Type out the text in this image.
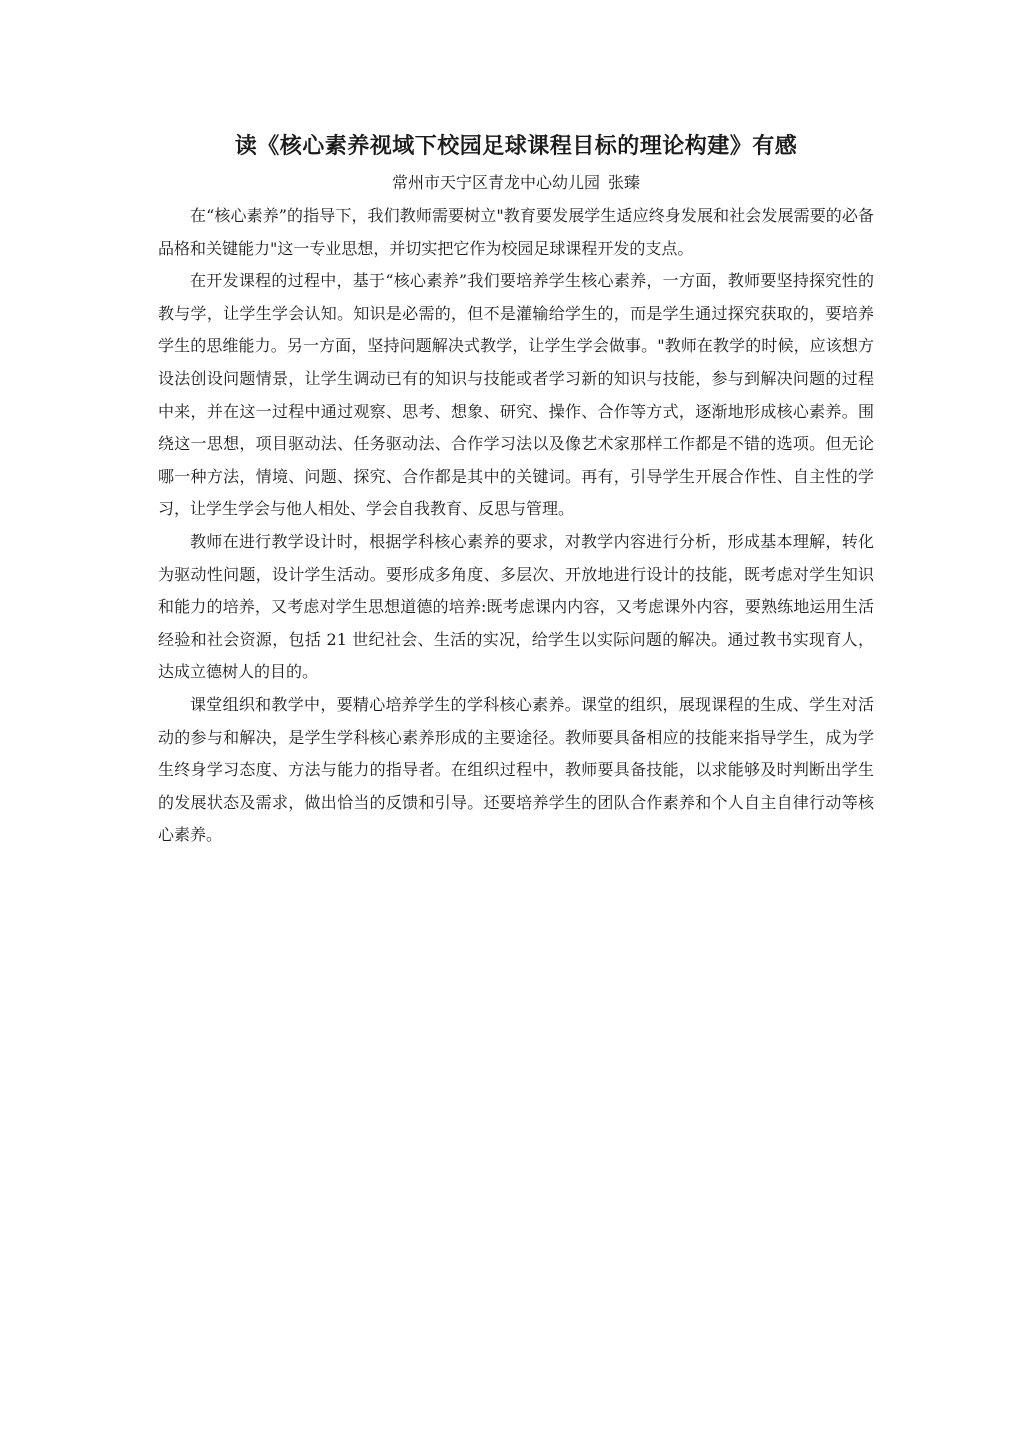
读《核心素养视域下校园足球课程目标的理论构建》有感
常州市天宁区青龙中心幼儿园 张臻

在“核心素养”的指导下，我们教师需要树立"教育要发展学生适应终身发展和社会发展需要的必备品格和关键能力"这一专业思想，并切实把它作为校园足球课程开发的支点。

在开发课程的过程中，基于“核心素养”我们要培养学生核心素养，一方面，教师要坚持探究性的教与学，让学生学会认知。知识是必需的，但不是灌输给学生的，而是学生通过探究获取的，要培养学生的思维能力。另一方面，坚持问题解决式教学，让学生学会做事。"教师在教学的时候，应该想方设法创设问题情景，让学生调动已有的知识与技能或者学习新的知识与技能，参与到解决问题的过程中来，并在这一过程中通过观察、思考、想象、研究、操作、合作等方式，逐渐地形成核心素养。围绕这一思想，项目驱动法、任务驱动法、合作学习法以及像艺术家那样工作都是不错的选项。但无论哪一种方法，情境、问题、探究、合作都是其中的关键词。再有，引导学生开展合作性、自主性的学习，让学生学会与他人相处、学会自我教育、反思与管理。

教师在进行教学设计时，根据学科核心素养的要求，对教学内容进行分析，形成基本理解，转化为驱动性问题，设计学生活动。要形成多角度、多层次、开放地进行设计的技能，既考虑对学生知识和能力的培养，又考虑对学生思想道德的培养:既考虑课内内容，又考虑课外内容，要熟练地运用生活经验和社会资源，包括 21 世纪社会、生活的实况，给学生以实际问题的解决。通过教书实现育人，达成立德树人的目的。

课堂组织和教学中，要精心培养学生的学科核心素养。课堂的组织，展现课程的生成、学生对活动的参与和解决，是学生学科核心素养形成的主要途径。教师要具备相应的技能来指导学生，成为学生终身学习态度、方法与能力的指导者。在组织过程中，教师要具备技能，以求能够及时判断出学生的发展状态及需求，做出恰当的反馈和引导。还要培养学生的团队合作素养和个人自主自律行动等核心素养。
